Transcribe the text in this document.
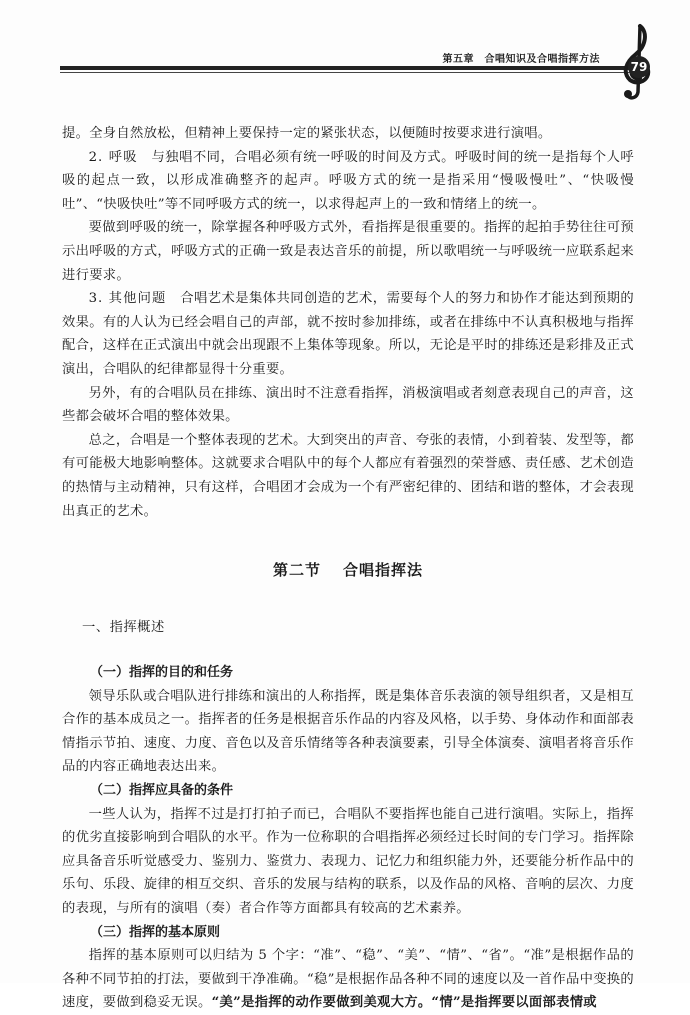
第五章　合唱知识及合唱指挥方法
79

提。全身自然放松，但精神上要保持一定的紧张状态，以便随时按要求进行演唱。

2. 呼吸　 与独唱不同，合唱必须有统一呼吸的时间及方式。呼吸时间的统一是指每个人呼吸的起点一致，以形成准确整齐的起声。呼吸方式的统一是指采用“慢吸慢吐”、“快吸慢吐”、“快吸快吐”等不同呼吸方式的统一，以求得起声上的一致和情绪上的统一。

要做到呼吸的统一，除掌握各种呼吸方式外，看指挥是很重要的。指挥的起拍手势往往可预示出呼吸的方式，呼吸方式的正确一致是表达音乐的前提，所以歌唱统一与呼吸统一应联系起来进行要求。

3. 其他问题　 合唱艺术是集体共同创造的艺术，需要每个人的努力和协作才能达到预期的效果。有的人认为已经会唱自己的声部，就不按时参加排练，或者在排练中不认真积极地与指挥配合，这样在正式演出中就会出现跟不上集体等现象。所以，无论是平时的排练还是彩排及正式演出，合唱队的纪律都显得十分重要。

另外，有的合唱队员在排练、演出时不注意看指挥，消极演唱或者刻意表现自己的声音，这些都会破坏合唱的整体效果。

总之，合唱是一个整体表现的艺术。大到突出的声音、夸张的表情，小到着装、发型等，都有可能极大地影响整体。这就要求合唱队中的每个人都应有着强烈的荣誉感、责任感、艺术创造的热情与主动精神，只有这样，合唱团才会成为一个有严密纪律的、团结和谐的整体，才会表现出真正的艺术。

第二节 合唱指挥法
一、指挥概述
（一）指挥的目的和任务

领导乐队或合唱队进行排练和演出的人称指挥，既是集体音乐表演的领导组织者，又是相互合作的基本成员之一。指挥者的任务是根据音乐作品的内容及风格，以手势、身体动作和面部表情指示节拍、速度、力度、音色以及音乐情绪等各种表演要素，引导全体演奏、演唱者将音乐作品的内容正确地表达出来。

（二）指挥应具备的条件

一些人认为，指挥不过是打打拍子而已，合唱队不要指挥也能自己进行演唱。实际上，指挥的优劣直接影响到合唱队的水平。作为一位称职的合唱指挥必须经过长时间的专门学习。指挥除应具备音乐听觉感受力、鉴别力、鉴赏力、表现力、记忆力和组织能力外，还要能分析作品中的乐句、乐段、旋律的相互交织、音乐的发展与结构的联系，以及作品的风格、音响的层次、力度的表现，与所有的演唱（奏）者合作等方面都具有较高的艺术素养。

（三）指挥的基本原则

指挥的基本原则可以归结为 5 个字：“准”、“稳”、“美”、“情”、“省”。“准”是根据作品的各种不同节拍的打法，要做到干净准确。“稳”是根据作品各种不同的速度以及一首作品中变换的速度，要做到稳妥无误。“美”是指挥的动作要做到美观大方。“情”是指挥要以面部表情或
